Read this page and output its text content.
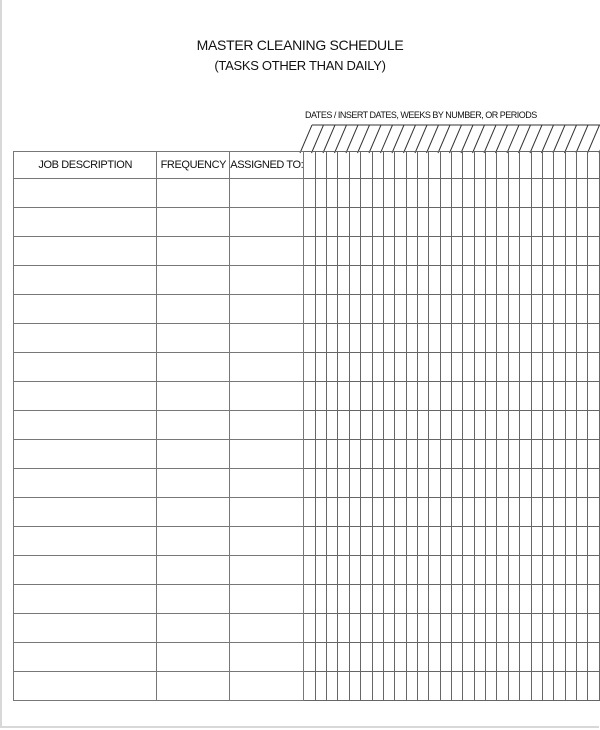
MASTER CLEANING SCHEDULE
(TASKS OTHER THAN DAILY)
DATES / INSERT DATES, WEEKS BY NUMBER, OR PERIODS
JOB DESCRIPTION	FREQUENCY	ASSIGNED TO:																										
